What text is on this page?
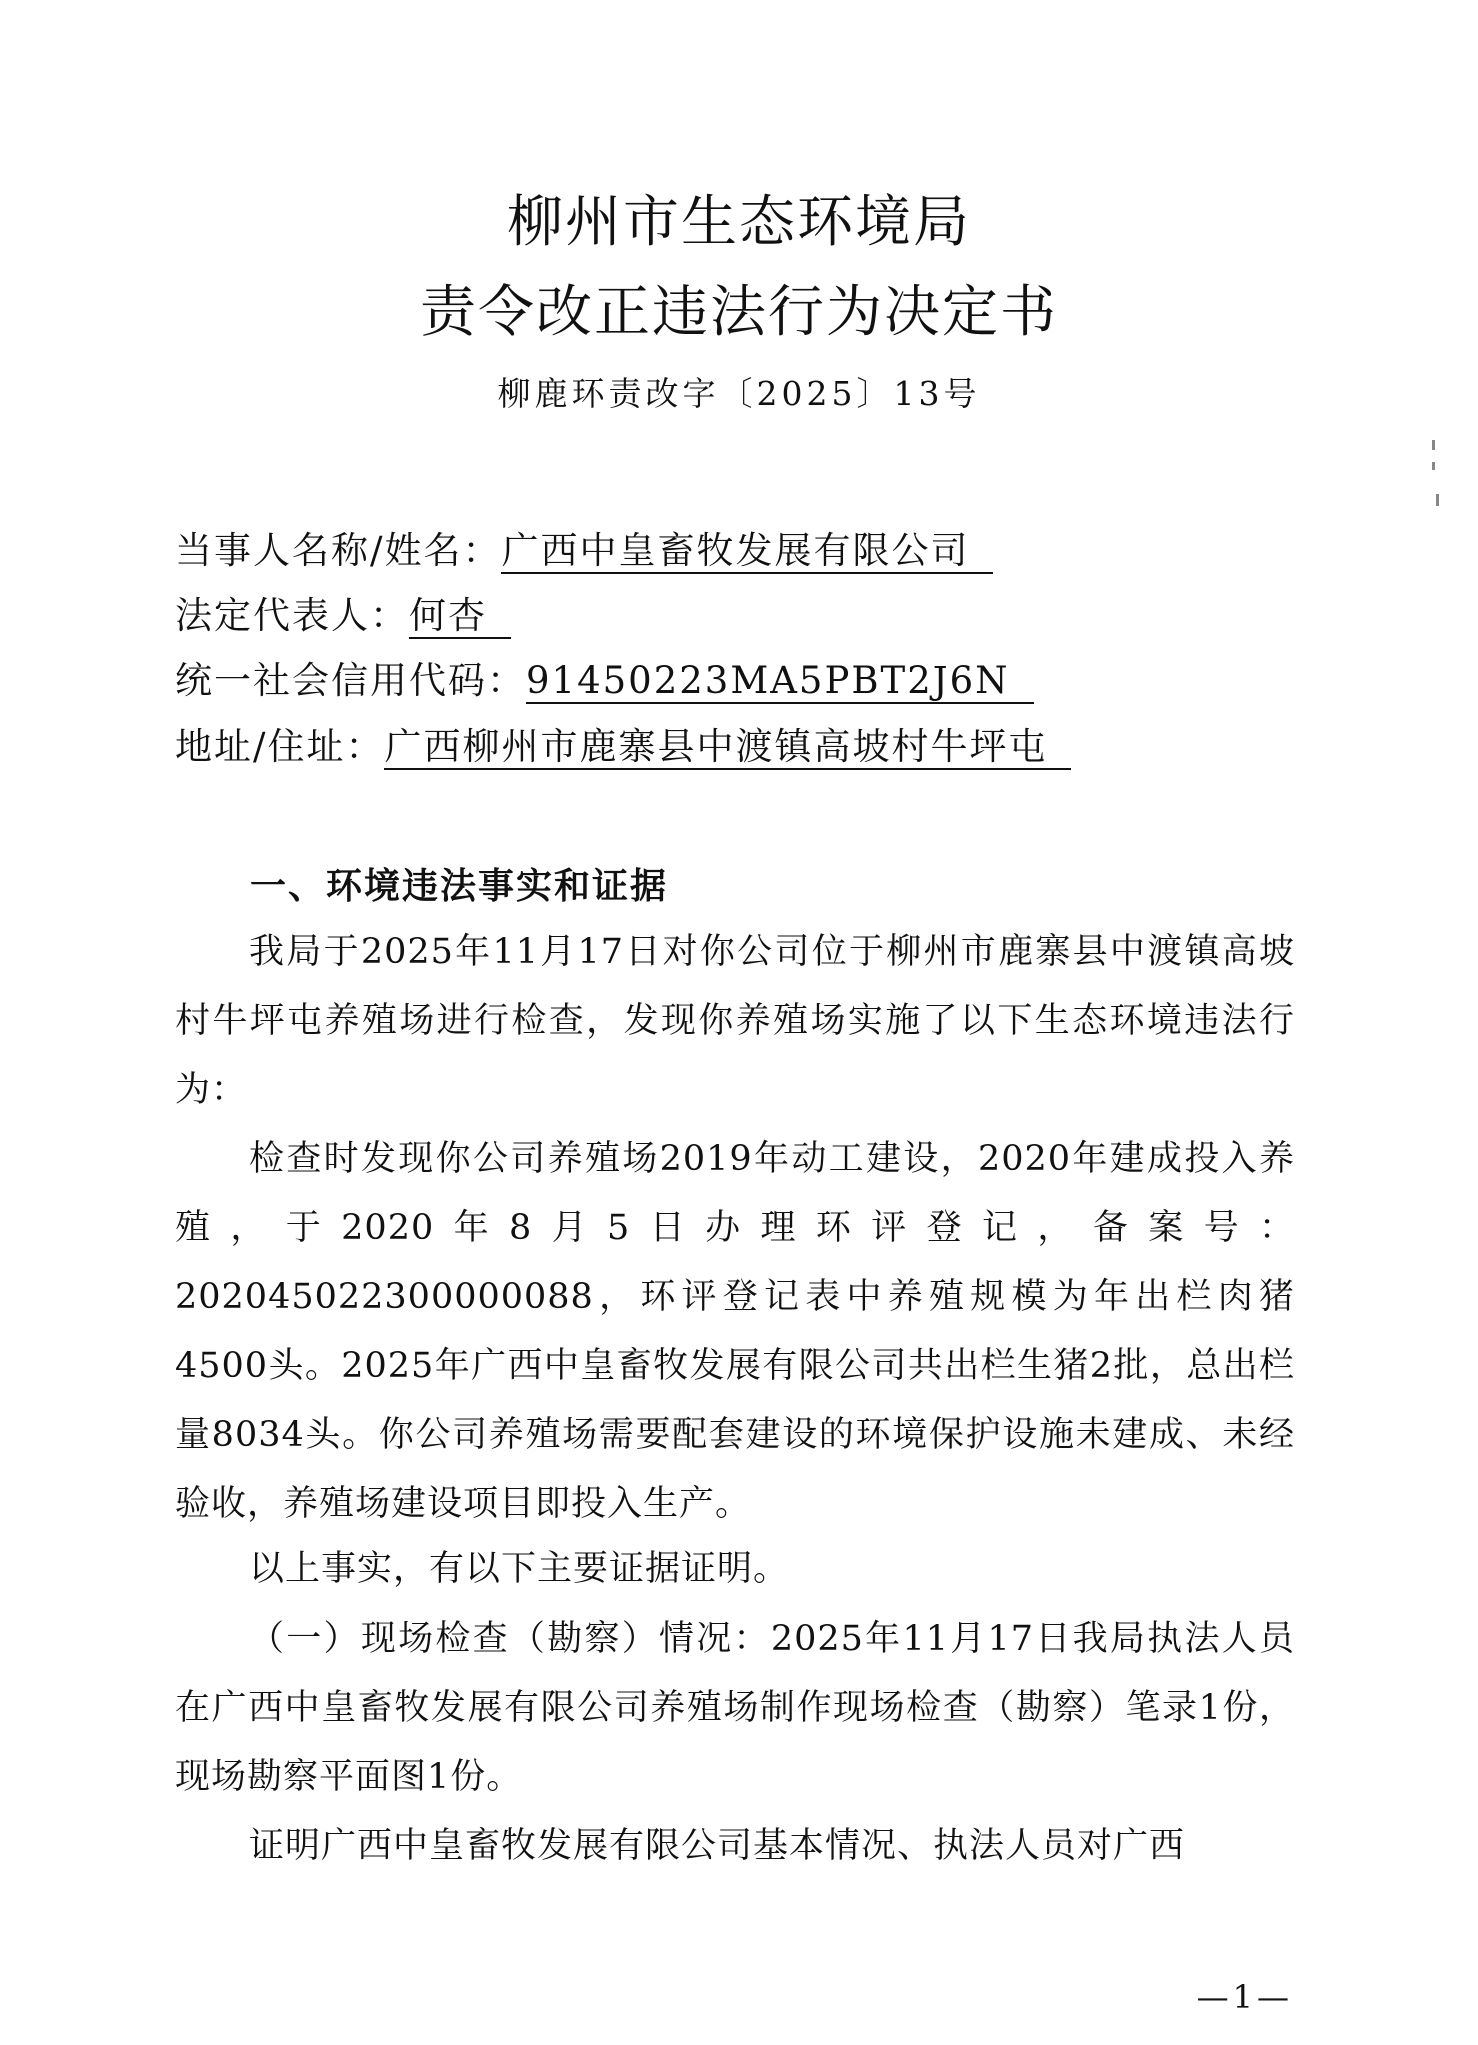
柳州市生态环境局
责令改正违法行为决定书
柳鹿环责改字〔2025〕13号
当事人名称/姓名：广西中皇畜牧发展有限公司
法定代表人：何杏
统一社会信用代码：91450223MA5PBT2J6N
地址/住址：广西柳州市鹿寨县中渡镇高坡村牛坪屯
一、环境违法事实和证据
我局于2025年11月17日对你公司位于柳州市鹿寨县中渡镇高坡村牛坪屯养殖场进行检查，发现你养殖场实施了以下生态环境违法行为：
检查时发现你公司养殖场2019年动工建设，2020年建成投入养殖，于2020年8月5日办理环评登记，备案号：202045022300000088，环评登记表中养殖规模为年出栏肉猪4500头。2025年广西中皇畜牧发展有限公司共出栏生猪2批，总出栏量8034头。你公司养殖场需要配套建设的环境保护设施未建成、未经验收，养殖场建设项目即投入生产。
以上事实，有以下主要证据证明。
（一）现场检查（勘察）情况：2025年11月17日我局执法人员在广西中皇畜牧发展有限公司养殖场制作现场检查（勘察）笔录1份，现场勘察平面图1份。
证明广西中皇畜牧发展有限公司基本情况、执法人员对广西
—1—
